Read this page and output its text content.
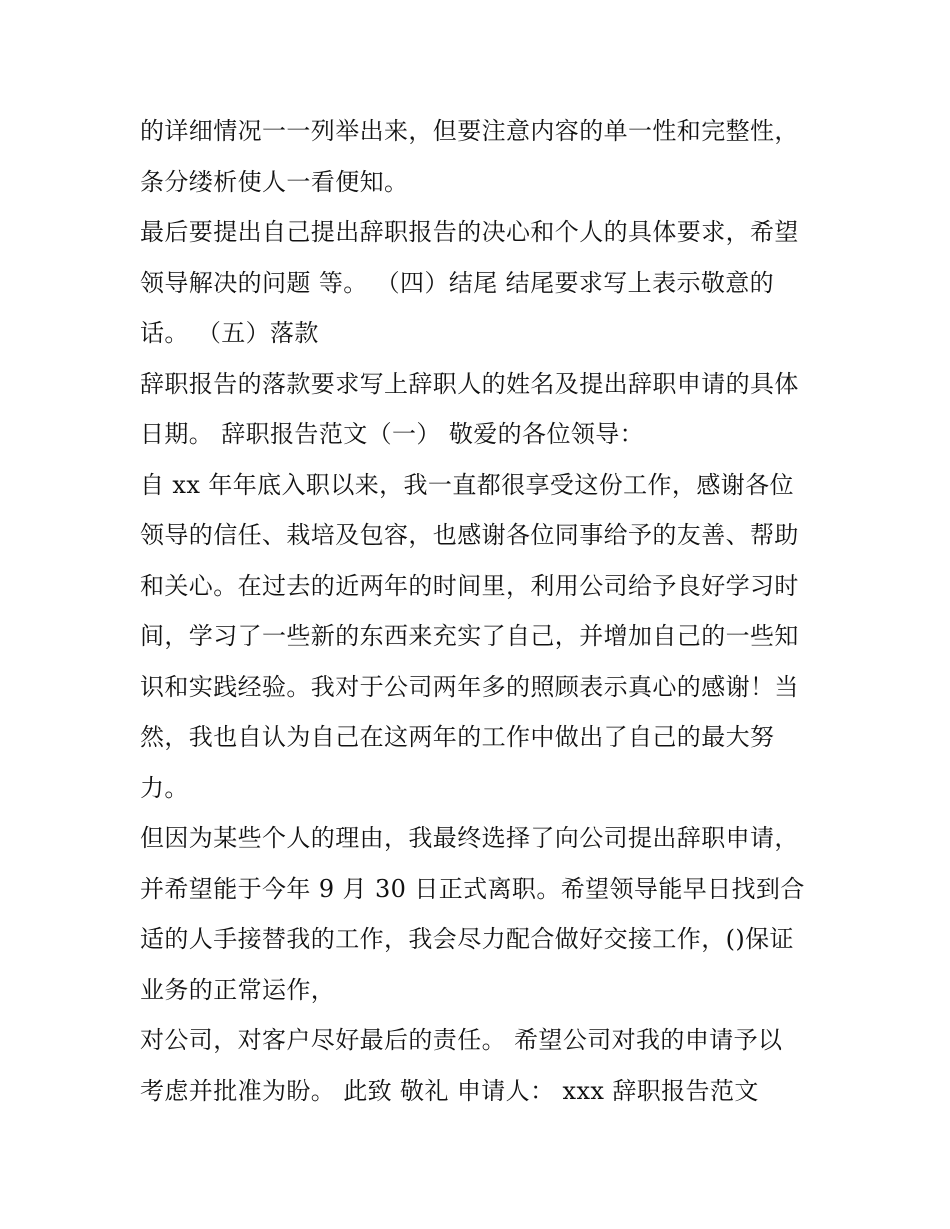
的详细情况一一列举出来，但要注意内容的单一性和完整性，
条分缕析使人一看便知。
最后要提出自己提出辞职报告的决心和个人的具体要求，希望
领导解决的问题 等。 （四）结尾 结尾要求写上表示敬意的
话。 （五）落款
辞职报告的落款要求写上辞职人的姓名及提出辞职申请的具体
日期。 辞职报告范文（一） 敬爱的各位领导：
自 xx 年年底入职以来，我一直都很享受这份工作，感谢各位
领导的信任、栽培及包容，也感谢各位同事给予的友善、帮助
和关心。在过去的近两年的时间里，利用公司给予良好学习时
间，学习了一些新的东西来充实了自己，并增加自己的一些知
识和实践经验。我对于公司两年多的照顾表示真心的感谢！当
然，我也自认为自己在这两年的工作中做出了自己的最大努
力。
但因为某些个人的理由，我最终选择了向公司提出辞职申请，
并希望能于今年 9 月 30 日正式离职。希望领导能早日找到合
适的人手接替我的工作，我会尽力配合做好交接工作，()保证
业务的正常运作，
对公司，对客户尽好最后的责任。 希望公司对我的申请予以
考虑并批准为盼。 此致 敬礼 申请人： xxx 辞职报告范文
